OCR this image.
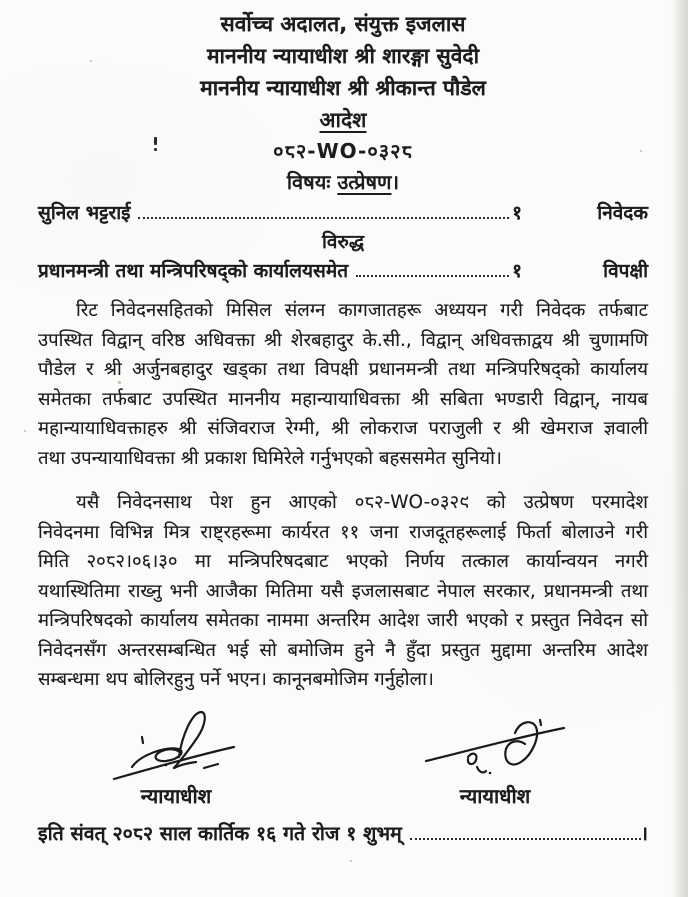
सर्वोच्च अदालत, संयुक्त इजलास
माननीय न्यायाधीश श्री शारङ्गा सुवेदी
माननीय न्यायाधीश श्री श्रीकान्त पौडेल
आदेश
०८२-WO-०३२८
विषयः उत्प्रेषण।
सुनिल भट्टराई	१	निवेदक
विरुद्ध
प्रधानमन्त्री तथा मन्त्रिपरिषद्को कार्यालयसमेत	१	विपक्षी
रिट निवेदनसहितको मिसिल संलग्न कागजातहरू अध्ययन गरी निवेदक तर्फबाट
उपस्थित विद्वान् वरिष्ठ अधिवक्ता श्री शेरबहादुर के.सी., विद्वान् अधिवक्ताद्वय श्री चुणामणि
पौडेल र श्री अर्जुनबहादुर खड्का तथा विपक्षी प्रधानमन्त्री तथा मन्त्रिपरिषद्को कार्यालय
समेतका तर्फबाट उपस्थित माननीय महान्यायाधिवक्ता श्री सबिता भण्डारी विद्वान्, नायब
महान्यायाधिवक्ताहरु श्री संजिवराज रेग्मी, श्री लोकराज पराजुली र श्री खेमराज ज्ञवाली
तथा उपन्यायाधिवक्ता श्री प्रकाश घिमिरेले गर्नुभएको बहससमेत सुनियो।
यसै निवेदनसाथ पेश हुन आएको ०८२-WO-०३२९ को उत्प्रेषण परमादेश
निवेदनमा विभिन्न मित्र राष्ट्रहरूमा कार्यरत ११ जना राजदूतहरूलाई फिर्ता बोलाउने गरी
मिति २०८२।०६।३० मा मन्त्रिपरिषदबाट भएको निर्णय तत्काल कार्यान्वयन नगरी
यथास्थितिमा राख्नु भनी आजैका मितिमा यसै इजलासबाट नेपाल सरकार, प्रधानमन्त्री तथा
मन्त्रिपरिषदको कार्यालय समेतका नाममा अन्तरिम आदेश जारी भएको र प्रस्तुत निवेदन सो
निवेदनसँग अन्तरसम्बन्धित भई सो बमोजिम हुने नै हुँदा प्रस्तुत मुद्दामा अन्तरिम आदेश
सम्बन्धमा थप बोलिरहुनु पर्ने भएन। कानूनबमोजिम गर्नुहोला।
न्यायाधीश	न्यायाधीश
इति संवत् २०८२ साल कार्तिक १६ गते रोज १ शुभम्	।
